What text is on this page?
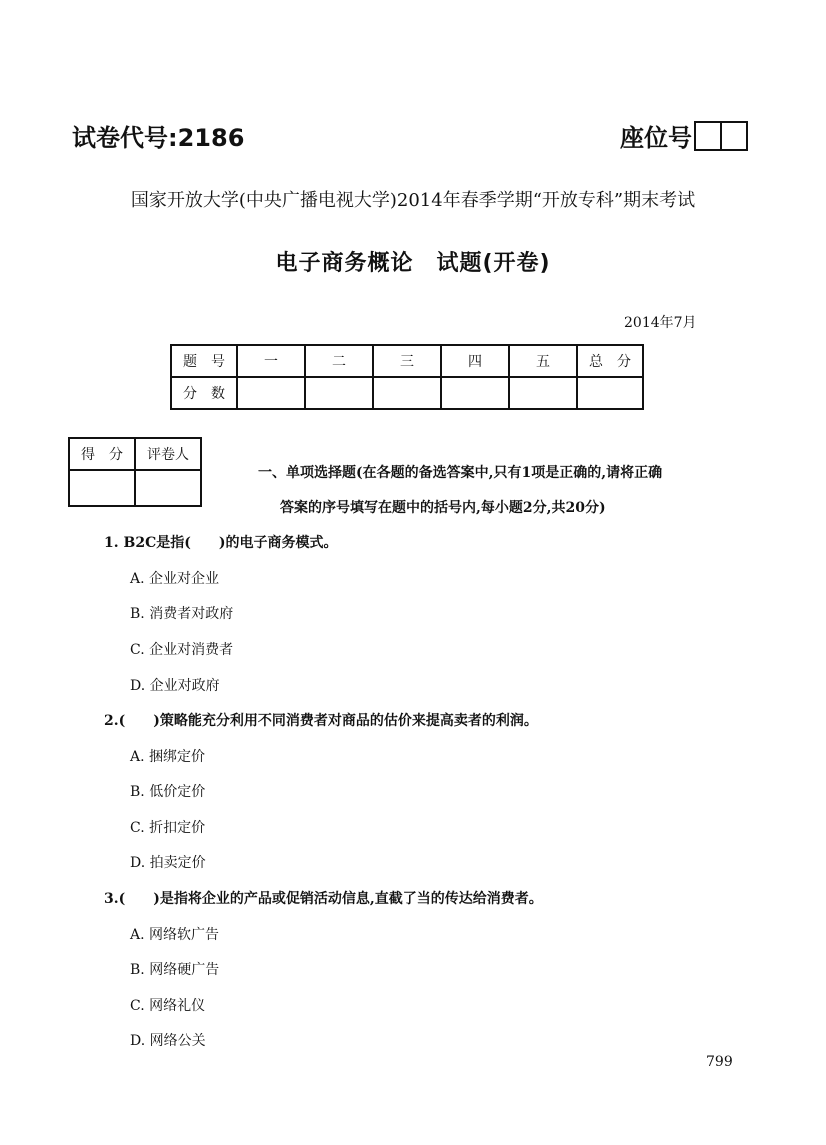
试卷代号:2186	座位号
国家开放大学(中央广播电视大学)2014年春季学期“开放专科”期末考试
电子商务概论　试题(开卷)
2014年7月
题　号	一	二	三	四	五	总　分
分　数						
得　分	评卷人

一、单项选择题(在各题的备选答案中,只有1项是正确的,请将正确
答案的序号填写在题中的括号内,每小题2分,共20分)
1. B2C是指(　　)的电子商务模式。
A. 企业对企业
B. 消费者对政府
C. 企业对消费者
D. 企业对政府
2.(　　)策略能充分利用不同消费者对商品的估价来提高卖者的利润。
A. 捆绑定价
B. 低价定价
C. 折扣定价
D. 拍卖定价
3.(　　)是指将企业的产品或促销活动信息,直截了当的传达给消费者。
A. 网络软广告
B. 网络硬广告
C. 网络礼仪
D. 网络公关
799
